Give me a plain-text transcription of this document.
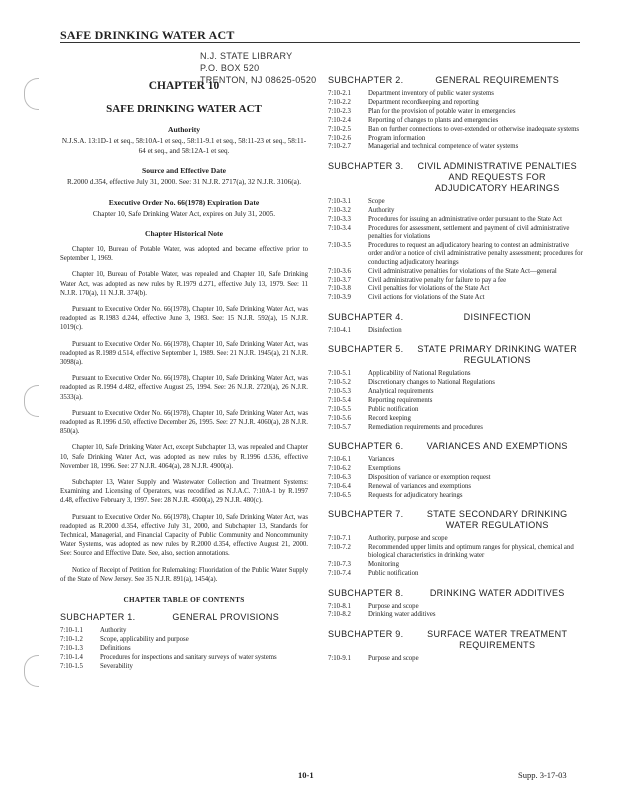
SAFE DRINKING WATER ACT
N.J. STATE LIBRARY
P.O. BOX 520
TRENTON, NJ 08625-0520
CHAPTER 10
SAFE DRINKING WATER ACT
Authority
N.J.S.A. 13:1D-1 et seq., 58:10A-1 et seq., 58:11-9.1 et seq., 58:11-23 et seq., 58:11-64 et seq., and 58:12A-1 et seq.
Source and Effective Date
R.2000 d.354, effective July 31, 2000. See: 31 N.J.R. 2717(a), 32 N.J.R. 3106(a).
Executive Order No. 66(1978) Expiration Date
Chapter 10, Safe Drinking Water Act, expires on July 31, 2005.
Chapter Historical Note
Chapter 10, Bureau of Potable Water, was adopted and became effective prior to September 1, 1969.
Chapter 10, Bureau of Potable Water, was repealed and Chapter 10, Safe Drinking Water Act, was adopted as new rules by R.1979 d.271, effective July 13, 1979. See: 11 N.J.R. 170(a), 11 N.J.R. 374(b).
Pursuant to Executive Order No. 66(1978), Chapter 10, Safe Drinking Water Act, was readopted as R.1983 d.244, effective June 3, 1983. See: 15 N.J.R. 592(a), 15 N.J.R. 1019(c).
Pursuant to Executive Order No. 66(1978), Chapter 10, Safe Drinking Water Act, was readopted as R.1989 d.514, effective September 1, 1989. See: 21 N.J.R. 1945(a), 21 N.J.R. 3098(a).
Pursuant to Executive Order No. 66(1978), Chapter 10, Safe Drinking Water Act, was readopted as R.1994 d.482, effective August 25, 1994. See: 26 N.J.R. 2720(a), 26 N.J.R. 3533(a).
Pursuant to Executive Order No. 66(1978), Chapter 10, Safe Drinking Water Act, was readopted as R.1996 d.50, effective December 26, 1995. See: 27 N.J.R. 4060(a), 28 N.J.R. 850(a).
Chapter 10, Safe Drinking Water Act, except Subchapter 13, was repealed and Chapter 10, Safe Drinking Water Act, was adopted as new rules by R.1996 d.536, effective November 18, 1996. See: 27 N.J.R. 4064(a), 28 N.J.R. 4900(a).
Subchapter 13, Water Supply and Wastewater Collection and Treatment Systems: Examining and Licensing of Operators, was recodified as N.J.A.C. 7:10A-1 by R.1997 d.48, effective February 3, 1997. See: 28 N.J.R. 4500(a), 29 N.J.R. 480(c).
Pursuant to Executive Order No. 66(1978), Chapter 10, Safe Drinking Water Act, was readopted as R.2000 d.354, effective July 31, 2000, and Subchapter 13, Standards for Technical, Managerial, and Financial Capacity of Public Community and Noncommunity Water Systems, was adopted as new rules by R.2000 d.354, effective August 21, 2000. See: Source and Effective Date. See, also, section annotations.
Notice of Receipt of Petition for Rulemaking: Fluoridation of the Public Water Supply of the State of New Jersey. See 35 N.J.R. 891(a), 1454(a).
CHAPTER TABLE OF CONTENTS
SUBCHAPTER 1.	GENERAL PROVISIONS
7:10-1.1	Authority
7:10-1.2	Scope, applicability and purpose
7:10-1.3	Definitions
7:10-1.4	Procedures for inspections and sanitary surveys of water systems
7:10-1.5	Severability
SUBCHAPTER 2.	GENERAL REQUIREMENTS
7:10-2.1	Department inventory of public water systems
7:10-2.2	Department recordkeeping and reporting
7:10-2.3	Plan for the provision of potable water in emergencies
7:10-2.4	Reporting of changes to plants and emergencies
7:10-2.5	Ban on further connections to over-extended or otherwise inadequate systems
7:10-2.6	Program information
7:10-2.7	Managerial and technical competence of water systems
SUBCHAPTER 3.	CIVIL ADMINISTRATIVE PENALTIES AND REQUESTS FOR ADJUDICATORY HEARINGS
7:10-3.1	Scope
7:10-3.2	Authority
7:10-3.3	Procedures for issuing an administrative order pursuant to the State Act
7:10-3.4	Procedures for assessment, settlement and payment of civil administrative penalties for violations
7:10-3.5	Procedures to request an adjudicatory hearing to contest an administrative order and/or a notice of civil administrative penalty assessment; procedures for conducting adjudicatory hearings
7:10-3.6	Civil administrative penalties for violations of the State Act—general
7:10-3.7	Civil administrative penalty for failure to pay a fee
7:10-3.8	Civil penalties for violations of the State Act
7:10-3.9	Civil actions for violations of the State Act
SUBCHAPTER 4.	DISINFECTION
7:10-4.1	Disinfection
SUBCHAPTER 5.	STATE PRIMARY DRINKING WATER REGULATIONS
7:10-5.1	Applicability of National Regulations
7:10-5.2	Discretionary changes to National Regulations
7:10-5.3	Analytical requirements
7:10-5.4	Reporting requirements
7:10-5.5	Public notification
7:10-5.6	Record keeping
7:10-5.7	Remediation requirements and procedures
SUBCHAPTER 6.	VARIANCES AND EXEMPTIONS
7:10-6.1	Variances
7:10-6.2	Exemptions
7:10-6.3	Disposition of variance or exemption request
7:10-6.4	Renewal of variances and exemptions
7:10-6.5	Requests for adjudicatory hearings
SUBCHAPTER 7.	STATE SECONDARY DRINKING WATER REGULATIONS
7:10-7.1	Authority, purpose and scope
7:10-7.2	Recommended upper limits and optimum ranges for physical, chemical and biological characteristics in drinking water
7:10-7.3	Monitoring
7:10-7.4	Public notification
SUBCHAPTER 8.	DRINKING WATER ADDITIVES
7:10-8.1	Purpose and scope
7:10-8.2	Drinking water additives
SUBCHAPTER 9.	SURFACE WATER TREATMENT REQUIREMENTS
7:10-9.1	Purpose and scope
10-1	Supp. 3-17-03
